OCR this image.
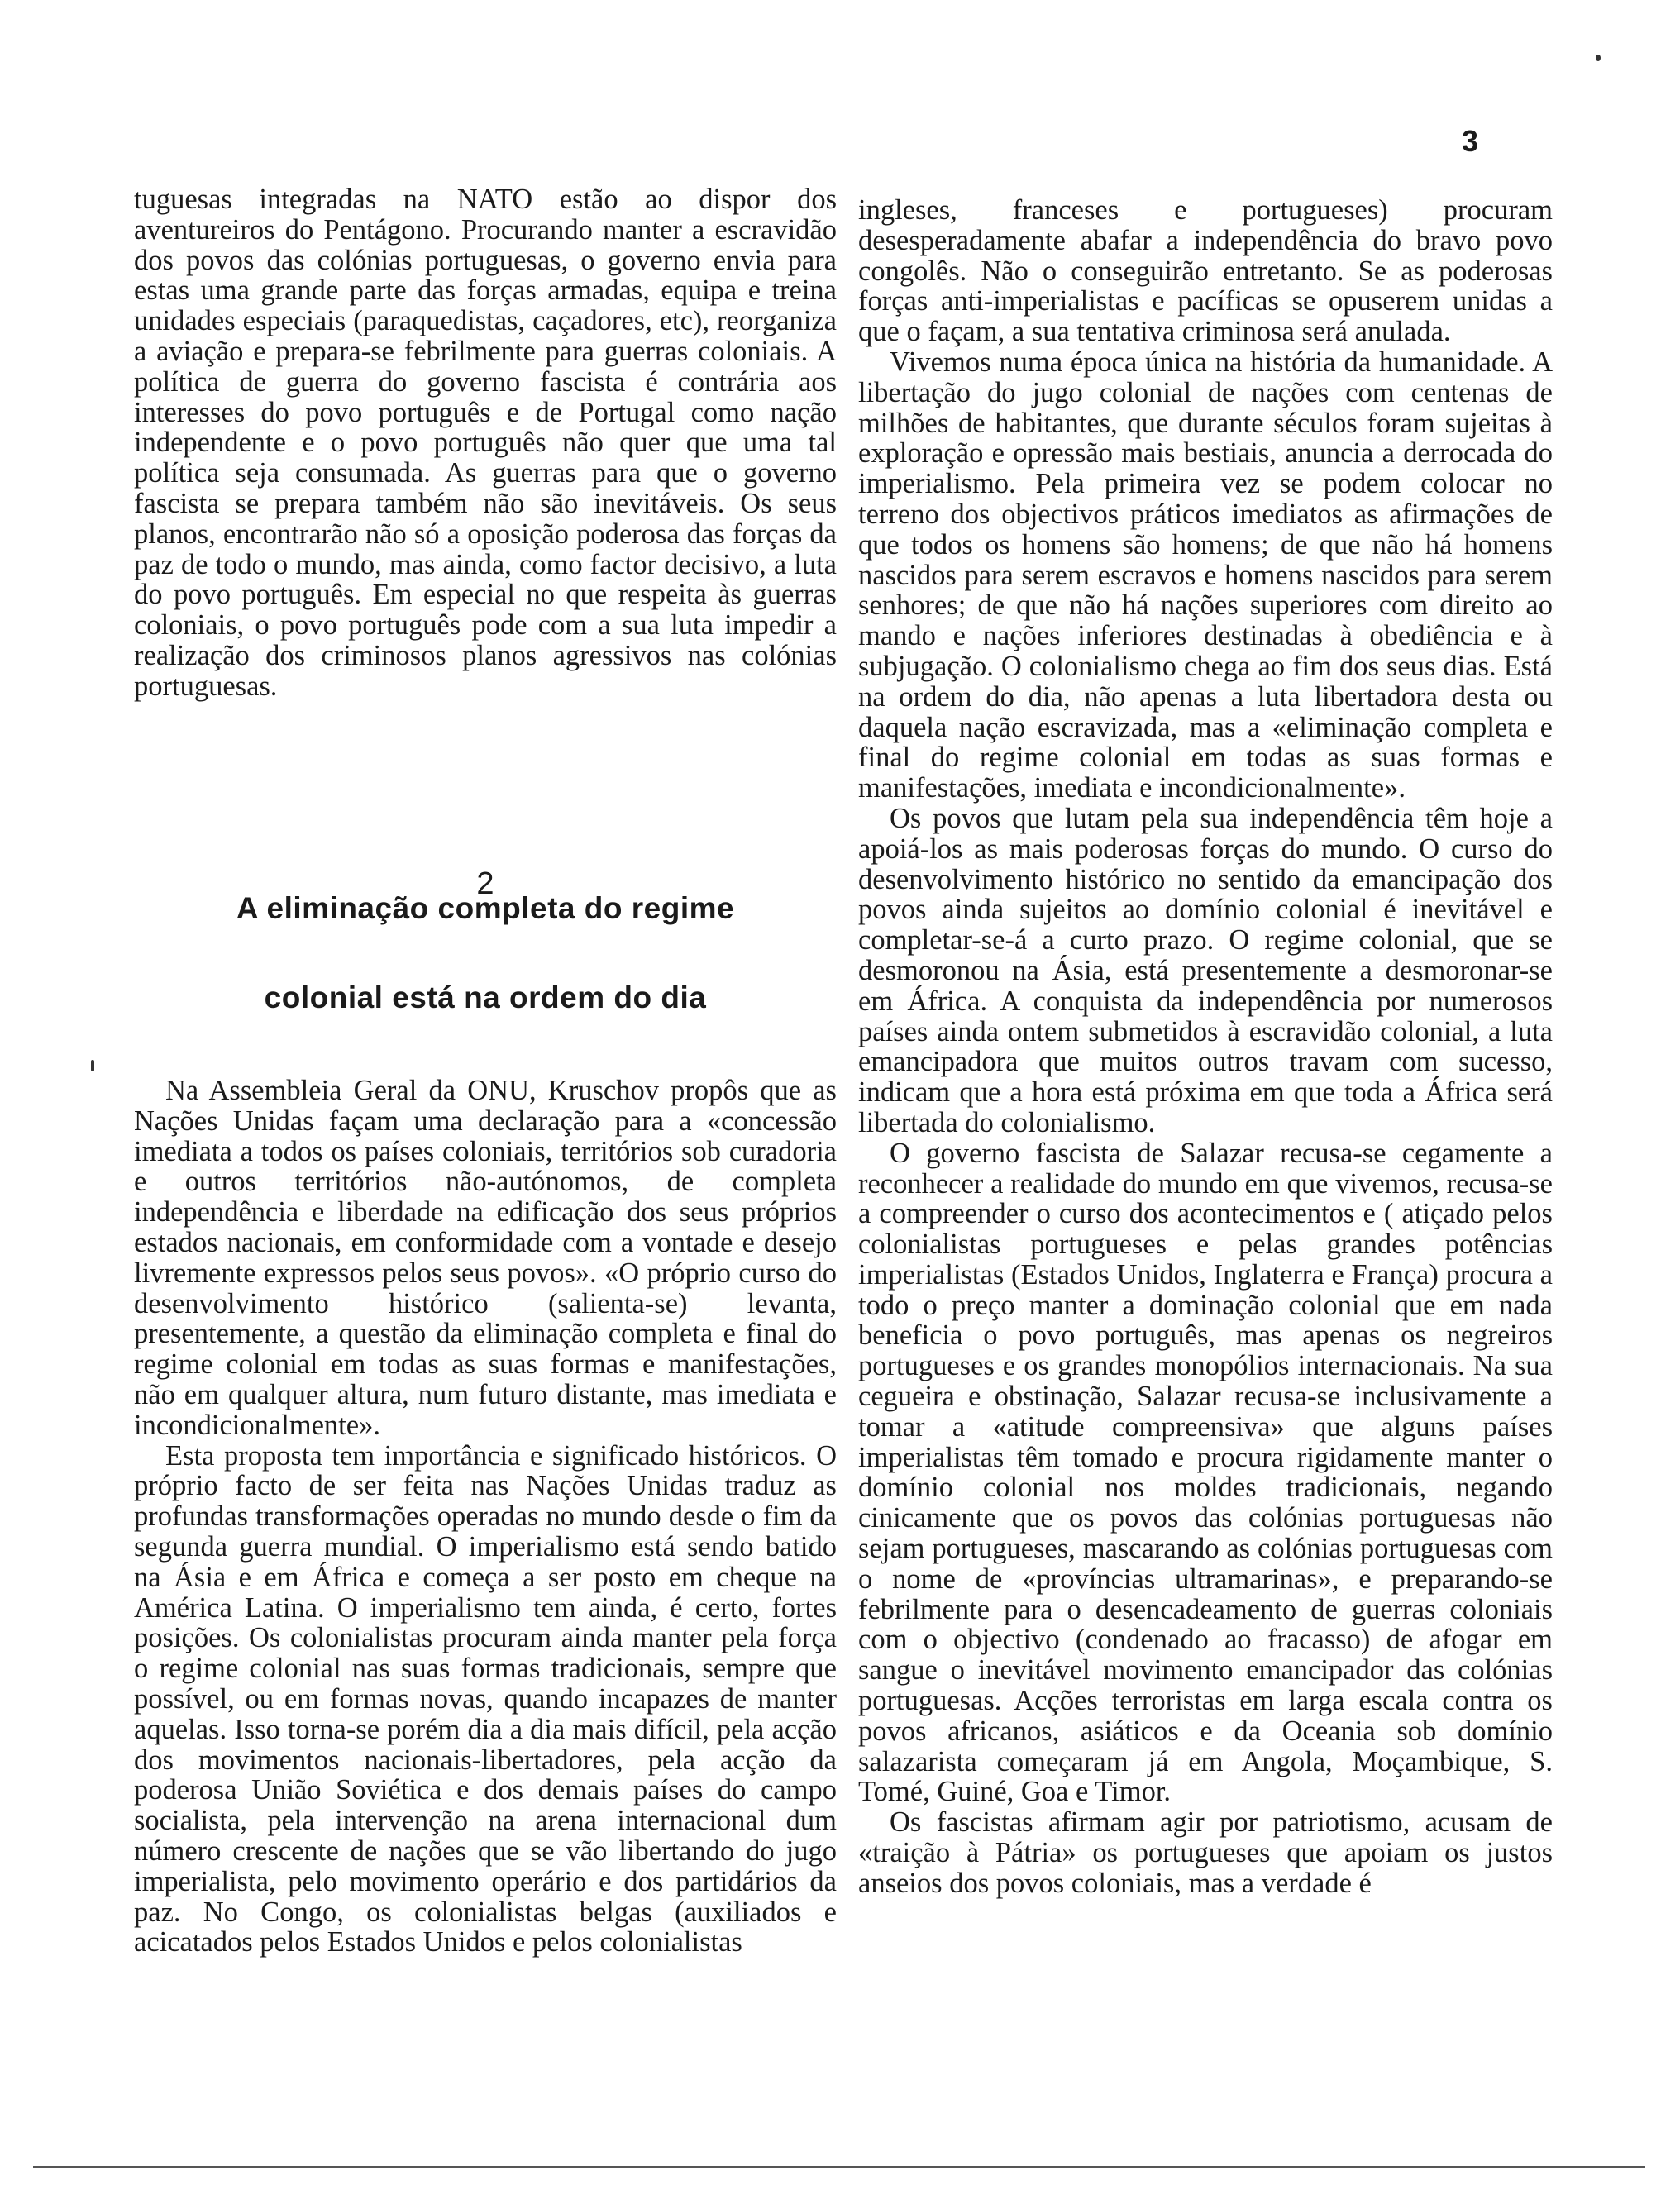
3

tuguesas integradas na NATO estão ao dispor dos aventureiros do Pentágono. Procurando manter a escravidão dos povos das colónias portuguesas, o governo envia para estas uma grande parte das forças armadas, equipa e treina unidades especiais (paraquedistas, caçadores, etc), reorganiza a aviação e prepara-se febrilmente para guerras coloniais. A política de guerra do governo fascista é contrária aos interesses do povo português e de Portugal como nação independente e o povo português não quer que uma tal política seja consumada. As guerras para que o governo fascista se prepara também não são inevitáveis. Os seus planos, encontrarão não só a oposição poderosa das forças da paz de todo o mundo, mas ainda, como factor decisivo, a luta do povo português. Em especial no que respeita às guerras coloniais, o povo português pode com a sua luta impedir a realização dos criminosos planos agressivos nas colónias portuguesas.

2
A eliminação completa do regime
colonial está na ordem do dia

Na Assembleia Geral da ONU, Kruschov propôs que as Nações Unidas façam uma declaração para a «concessão imediata a todos os países coloniais, territórios sob curadoria e outros territórios não-autónomos, de completa independência e liberdade na edificação dos seus próprios estados nacionais, em conformidade com a vontade e desejo livremente expressos pelos seus povos». «O próprio curso do desenvolvimento histórico (salienta-se) levanta, presentemente, a questão da eliminação completa e final do regime colonial em todas as suas formas e manifestações, não em qualquer altura, num futuro distante, mas imediata e incondicionalmente».

Esta proposta tem importância e significado históricos. O próprio facto de ser feita nas Nações Unidas traduz as profundas transformações operadas no mundo desde o fim da segunda guerra mundial. O imperialismo está sendo batido na Ásia e em África e começa a ser posto em cheque na América Latina. O imperialismo tem ainda, é certo, fortes posições. Os colonialistas procuram ainda manter pela força o regime colonial nas suas formas tradicionais, sempre que possível, ou em formas novas, quando incapazes de manter aquelas. Isso torna-se porém dia a dia mais difícil, pela acção dos movimentos nacionais-libertadores, pela acção da poderosa União Soviética e dos demais países do campo socialista, pela intervenção na arena internacional dum número crescente de nações que se vão libertando do jugo imperialista, pelo movimento operário e dos partidários da paz. No Congo, os colonialistas belgas (auxiliados e acicatados pelos Estados Unidos e pelos colonialistas

ingleses, franceses e portugueses) procuram desesperadamente abafar a independência do bravo povo congolês. Não o conseguirão entretanto. Se as poderosas forças anti-imperialistas e pacíficas se opuserem unidas a que o façam, a sua tentativa criminosa será anulada.

Vivemos numa época única na história da humanidade. A libertação do jugo colonial de nações com centenas de milhões de habitantes, que durante séculos foram sujeitas à exploração e opressão mais bestiais, anuncia a derrocada do imperialismo. Pela primeira vez se podem colocar no terreno dos objectivos práticos imediatos as afirmações de que todos os homens são homens; de que não há homens nascidos para serem escravos e homens nascidos para serem senhores; de que não há nações superiores com direito ao mando e nações inferiores destinadas à obediência e à subjugação. O colonialismo chega ao fim dos seus dias. Está na ordem do dia, não apenas a luta libertadora desta ou daquela nação escravizada, mas a «eliminação completa e final do regime colonial em todas as suas formas e manifestações, imediata e incondicionalmente».

Os povos que lutam pela sua independência têm hoje a apoiá-los as mais poderosas forças do mundo. O curso do desenvolvimento histórico no sentido da emancipação dos povos ainda sujeitos ao domínio colonial é inevitável e completar-se-á a curto prazo. O regime colonial, que se desmoronou na Ásia, está presentemente a desmoronar-se em África. A conquista da independência por numerosos países ainda ontem submetidos à escravidão colonial, a luta emancipadora que muitos outros travam com sucesso, indicam que a hora está próxima em que toda a África será libertada do colonialismo.

O governo fascista de Salazar recusa-se cegamente a reconhecer a realidade do mundo em que vivemos, recusa-se a compreender o curso dos acontecimentos e ( atiçado pelos colonialistas portugueses e pelas grandes potências imperialistas (Estados Unidos, Inglaterra e França) procura a todo o preço manter a dominação colonial que em nada beneficia o povo português, mas apenas os negreiros portugueses e os grandes monopólios internacionais. Na sua cegueira e obstinação, Salazar recusa-se inclusivamente a tomar a «atitude compreensiva» que alguns países imperialistas têm tomado e procura rigidamente manter o domínio colonial nos moldes tradicionais, negando cinicamente que os povos das colónias portuguesas não sejam portugueses, mascarando as colónias portuguesas com o nome de «províncias ultramarinas», e preparando-se febrilmente para o desencadeamento de guerras coloniais com o objectivo (condenado ao fracasso) de afogar em sangue o inevitável movimento emancipador das colónias portuguesas. Acções terroristas em larga escala contra os povos africanos, asiáticos e da Oceania sob domínio salazarista começaram já em Angola, Moçambique, S. Tomé, Guiné, Goa e Timor.

Os fascistas afirmam agir por patriotismo, acusam de «traição à Pátria» os portugueses que apoiam os justos anseios dos povos coloniais, mas a verdade é
